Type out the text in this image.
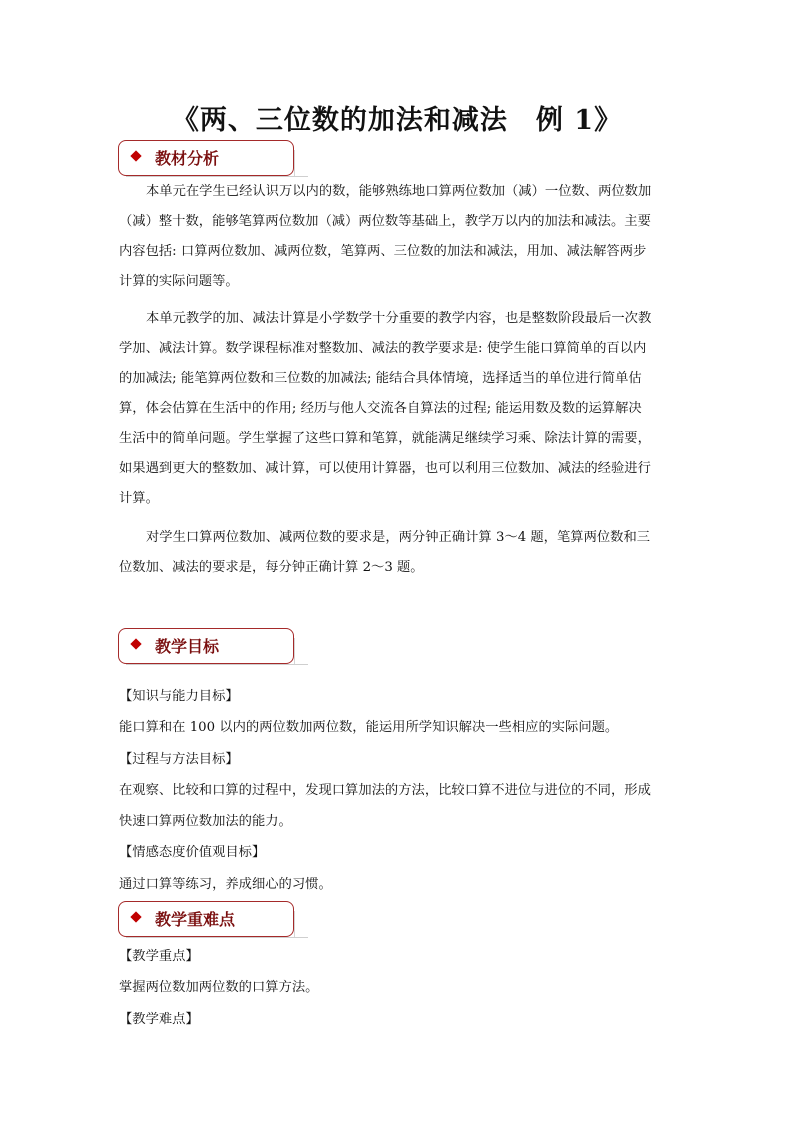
《两、三位数的加法和减法　例 1》
教材分析
本单元在学生已经认识万以内的数，能够熟练地口算两位数加（减）一位数、两位数加
（减）整十数，能够笔算两位数加（减）两位数等基础上，教学万以内的加法和减法。主要
内容包括: 口算两位数加、减两位数，笔算两、三位数的加法和减法，用加、减法解答两步
计算的实际问题等。
本单元教学的加、减法计算是小学数学十分重要的教学内容，也是整数阶段最后一次教
学加、减法计算。数学课程标准对整数加、减法的教学要求是: 使学生能口算简单的百以内
的加减法; 能笔算两位数和三位数的加减法; 能结合具体情境，选择适当的单位进行简单估
算，体会估算在生活中的作用; 经历与他人交流各自算法的过程; 能运用数及数的运算解决
生活中的简单问题。学生掌握了这些口算和笔算，就能满足继续学习乘、除法计算的需要，
如果遇到更大的整数加、减计算，可以使用计算器，也可以利用三位数加、减法的经验进行
计算。
对学生口算两位数加、减两位数的要求是，两分钟正确计算 3～4 题，笔算两位数和三
位数加、减法的要求是，每分钟正确计算 2～3 题。
教学目标
【知识与能力目标】
能口算和在 100 以内的两位数加两位数，能运用所学知识解决一些相应的实际问题。
【过程与方法目标】
在观察、比较和口算的过程中，发现口算加法的方法，比较口算不进位与进位的不同，形成
快速口算两位数加法的能力。
【情感态度价值观目标】
通过口算等练习，养成细心的习惯。
教学重难点
【教学重点】
掌握两位数加两位数的口算方法。
【教学难点】
